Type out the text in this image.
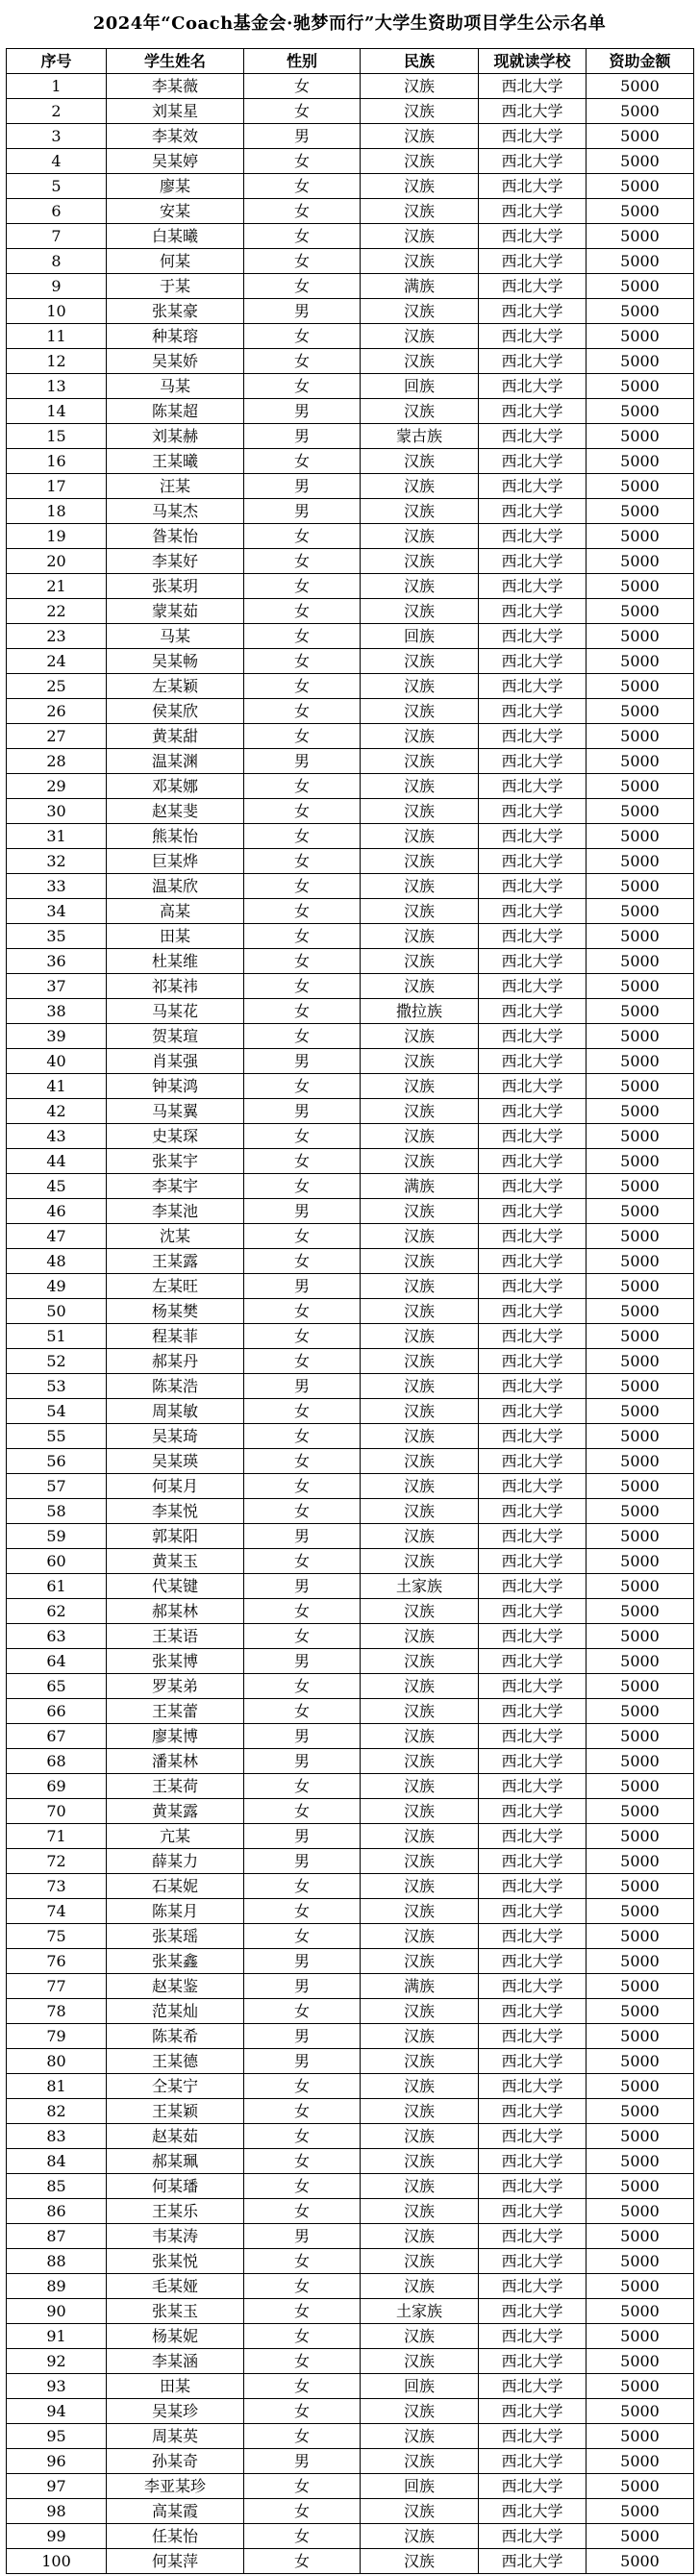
2024年“Coach基金会·驰梦而行”大学生资助项目学生公示名单
序号	学生姓名	性别	民族	现就读学校	资助金额
1	李某薇	女	汉族	西北大学	5000
2	刘某星	女	汉族	西北大学	5000
3	李某效	男	汉族	西北大学	5000
4	吴某婷	女	汉族	西北大学	5000
5	廖某	女	汉族	西北大学	5000
6	安某	女	汉族	西北大学	5000
7	白某曦	女	汉族	西北大学	5000
8	何某	女	汉族	西北大学	5000
9	于某	女	满族	西北大学	5000
10	张某豪	男	汉族	西北大学	5000
11	种某瑢	女	汉族	西北大学	5000
12	吴某娇	女	汉族	西北大学	5000
13	马某	女	回族	西北大学	5000
14	陈某超	男	汉族	西北大学	5000
15	刘某赫	男	蒙古族	西北大学	5000
16	王某曦	女	汉族	西北大学	5000
17	汪某	男	汉族	西北大学	5000
18	马某杰	男	汉族	西北大学	5000
19	昝某怡	女	汉族	西北大学	5000
20	李某好	女	汉族	西北大学	5000
21	张某玥	女	汉族	西北大学	5000
22	蒙某茹	女	汉族	西北大学	5000
23	马某	女	回族	西北大学	5000
24	吴某畅	女	汉族	西北大学	5000
25	左某颖	女	汉族	西北大学	5000
26	侯某欣	女	汉族	西北大学	5000
27	黄某甜	女	汉族	西北大学	5000
28	温某渊	男	汉族	西北大学	5000
29	邓某娜	女	汉族	西北大学	5000
30	赵某斐	女	汉族	西北大学	5000
31	熊某怡	女	汉族	西北大学	5000
32	巨某烨	女	汉族	西北大学	5000
33	温某欣	女	汉族	西北大学	5000
34	高某	女	汉族	西北大学	5000
35	田某	女	汉族	西北大学	5000
36	杜某维	女	汉族	西北大学	5000
37	祁某祎	女	汉族	西北大学	5000
38	马某花	女	撒拉族	西北大学	5000
39	贺某瑄	女	汉族	西北大学	5000
40	肖某强	男	汉族	西北大学	5000
41	钟某鸿	女	汉族	西北大学	5000
42	马某翼	男	汉族	西北大学	5000
43	史某琛	女	汉族	西北大学	5000
44	张某宇	女	汉族	西北大学	5000
45	李某宇	女	满族	西北大学	5000
46	李某池	男	汉族	西北大学	5000
47	沈某	女	汉族	西北大学	5000
48	王某露	女	汉族	西北大学	5000
49	左某旺	男	汉族	西北大学	5000
50	杨某樊	女	汉族	西北大学	5000
51	程某菲	女	汉族	西北大学	5000
52	郝某丹	女	汉族	西北大学	5000
53	陈某浩	男	汉族	西北大学	5000
54	周某敏	女	汉族	西北大学	5000
55	吴某琦	女	汉族	西北大学	5000
56	吴某瑛	女	汉族	西北大学	5000
57	何某月	女	汉族	西北大学	5000
58	李某悦	女	汉族	西北大学	5000
59	郭某阳	男	汉族	西北大学	5000
60	黄某玉	女	汉族	西北大学	5000
61	代某键	男	土家族	西北大学	5000
62	郝某林	女	汉族	西北大学	5000
63	王某语	女	汉族	西北大学	5000
64	张某博	男	汉族	西北大学	5000
65	罗某弟	女	汉族	西北大学	5000
66	王某蕾	女	汉族	西北大学	5000
67	廖某博	男	汉族	西北大学	5000
68	潘某林	男	汉族	西北大学	5000
69	王某荷	女	汉族	西北大学	5000
70	黄某露	女	汉族	西北大学	5000
71	亢某	男	汉族	西北大学	5000
72	薛某力	男	汉族	西北大学	5000
73	石某妮	女	汉族	西北大学	5000
74	陈某月	女	汉族	西北大学	5000
75	张某瑶	女	汉族	西北大学	5000
76	张某鑫	男	汉族	西北大学	5000
77	赵某鉴	男	满族	西北大学	5000
78	范某灿	女	汉族	西北大学	5000
79	陈某希	男	汉族	西北大学	5000
80	王某德	男	汉族	西北大学	5000
81	仝某宁	女	汉族	西北大学	5000
82	王某颖	女	汉族	西北大学	5000
83	赵某茹	女	汉族	西北大学	5000
84	郝某珮	女	汉族	西北大学	5000
85	何某璠	女	汉族	西北大学	5000
86	王某乐	女	汉族	西北大学	5000
87	韦某涛	男	汉族	西北大学	5000
88	张某悦	女	汉族	西北大学	5000
89	毛某娅	女	汉族	西北大学	5000
90	张某玉	女	土家族	西北大学	5000
91	杨某妮	女	汉族	西北大学	5000
92	李某涵	女	汉族	西北大学	5000
93	田某	女	回族	西北大学	5000
94	吴某珍	女	汉族	西北大学	5000
95	周某英	女	汉族	西北大学	5000
96	孙某奇	男	汉族	西北大学	5000
97	李亚某珍	女	回族	西北大学	5000
98	高某霞	女	汉族	西北大学	5000
99	任某怡	女	汉族	西北大学	5000
100	何某萍	女	汉族	西北大学	5000
